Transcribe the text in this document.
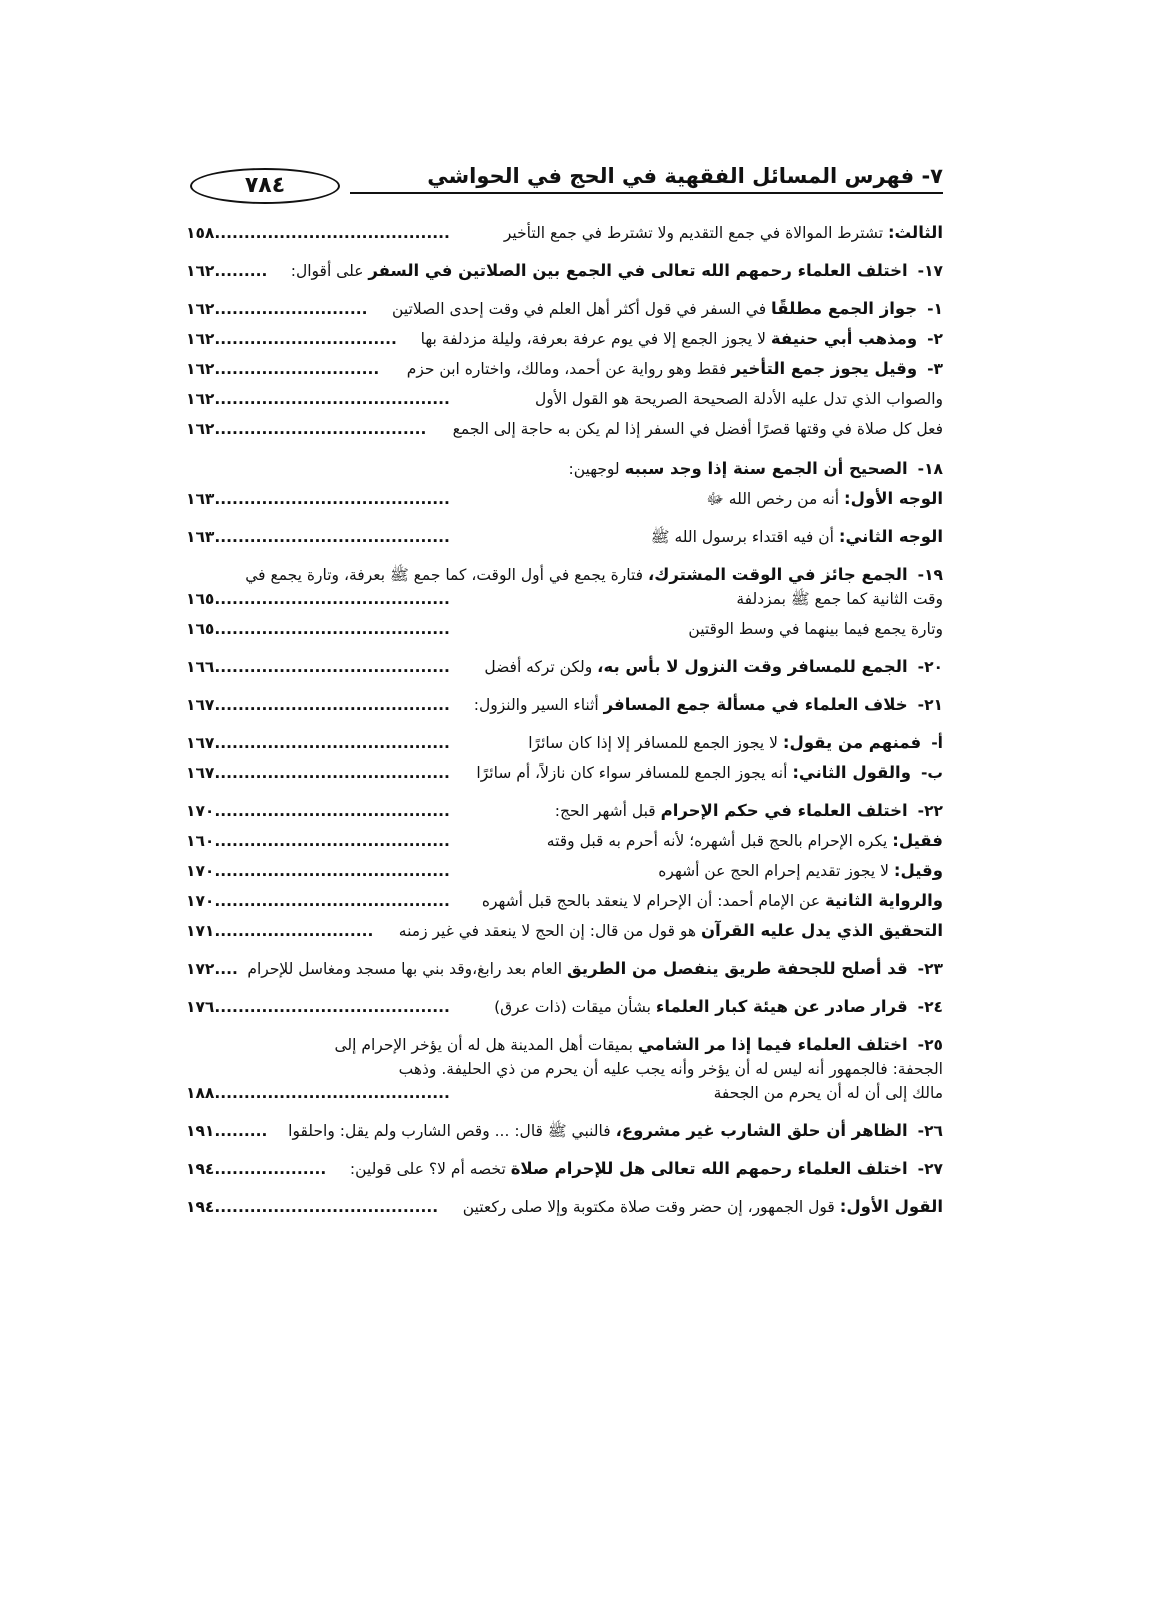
٧٨٤	٧- فهرس المسائل الفقهية في الحج في الحواشي
الثالث: تشترط الموالاة في جمع التقديم ولا تشترط في جمع التأخير
١٥٨........................................
١٧-اختلف العلماء رحمهم الله تعالى في الجمع بين الصلاتين في السفر على أقوال:
١٦٢.........
١-جواز الجمع مطلقًا في السفر في قول أكثر أهل العلم في وقت إحدى الصلاتين
١٦٢..........................
٢-ومذهب أبي حنيفة لا يجوز الجمع إلا في يوم عرفة بعرفة، وليلة مزدلفة بها
١٦٢...............................
٣-وقيل يجوز جمع التأخير فقط وهو رواية عن أحمد، ومالك، واختاره ابن حزم
١٦٢............................
والصواب الذي تدل عليه الأدلة الصحيحة الصريحة هو القول الأول
١٦٢........................................
فعل كل صلاة في وقتها قصرًا أفضل في السفر إذا لم يكن به حاجة إلى الجمع
١٦٢....................................
١٨-الصحيح أن الجمع سنة إذا وجد سببه لوجهين:
الوجه الأول: أنه من رخص الله ﷻ
١٦٣........................................
الوجه الثاني: أن فيه اقتداء برسول الله ﷺ
١٦٣........................................
١٩-الجمع جائز في الوقت المشترك، فتارة يجمع في أول الوقت، كما جمع ﷺ بعرفة، وتارة يجمع في
وقت الثانية كما جمع ﷺ بمزدلفة
١٦٥........................................
وتارة يجمع فيما بينهما في وسط الوقتين
١٦٥........................................
٢٠-الجمع للمسافر وقت النزول لا بأس به، ولكن تركه أفضل
١٦٦........................................
٢١-خلاف العلماء في مسألة جمع المسافر أثناء السير والنزول:
١٦٧........................................
أ-فمنهم من يقول: لا يجوز الجمع للمسافر إلا إذا كان سائرًا
١٦٧........................................
ب-والقول الثاني: أنه يجوز الجمع للمسافر سواء كان نازلاً، أم سائرًا
١٦٧........................................
٢٢-اختلف العلماء في حكم الإحرام قبل أشهر الحج:
١٧٠........................................
فقيل: يكره الإحرام بالحج قبل أشهره؛ لأنه أحرم به قبل وقته
١٦٠........................................
وقيل: لا يجوز تقديم إحرام الحج عن أشهره
١٧٠........................................
والرواية الثانية عن الإمام أحمد: أن الإحرام لا ينعقد بالحج قبل أشهره
١٧٠........................................
التحقيق الذي يدل عليه القرآن هو قول من قال: إن الحج لا ينعقد في غير زمنه
١٧١...........................
٢٣-قد أصلح للجحفة طريق ينفصل من الطريق العام بعد رابغ،وقد بني بها مسجد ومغاسل للإحرام
١٧٢....
٢٤-قرار صادر عن هيئة كبار العلماء بشأن ميقات (ذات عرق)
١٧٦........................................
٢٥-اختلف العلماء فيما إذا مر الشامي بميقات أهل المدينة هل له أن يؤخر الإحرام إلى
الجحفة: فالجمهور أنه ليس له أن يؤخر وأنه يجب عليه أن يحرم من ذي الحليفة. وذهب
مالك إلى أن له أن يحرم من الجحفة
١٨٨........................................
٢٦-الظاهر أن حلق الشارب غير مشروع، فالنبي ﷺ قال: ... وقص الشارب ولم يقل: واحلقوا
١٩١.........
٢٧-اختلف العلماء رحمهم الله تعالى هل للإحرام صلاة تخصه أم لا؟ على قولين:
١٩٤...................
القول الأول: قول الجمهور، إن حضر وقت صلاة مكتوبة وإلا صلى ركعتين
١٩٤......................................
